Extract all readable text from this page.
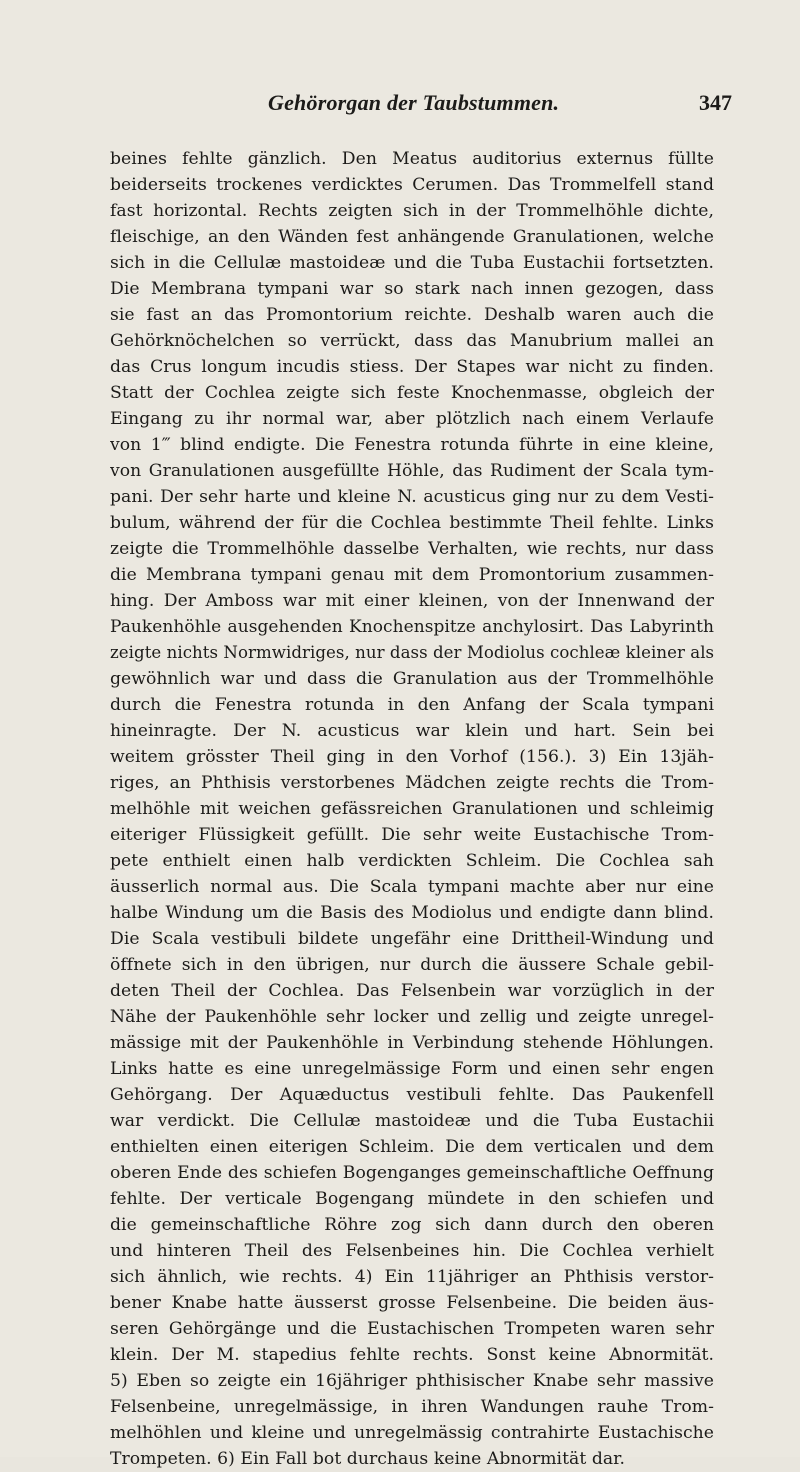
Gehörorgan der Taubstummen.	347
beines fehlte gänzlich. Den Meatus auditorius externus füllte
beiderseits trockenes verdicktes Cerumen. Das Trommelfell stand
fast horizontal. Rechts zeigten sich in der Trommelhöhle dichte,
fleischige, an den Wänden fest anhängende Granulationen, welche
sich in die Cellulæ mastoideæ und die Tuba Eustachii fortsetzten.
Die Membrana tympani war so stark nach innen gezogen, dass
sie fast an das Promontorium reichte. Deshalb waren auch die
Gehörknöchelchen so verrückt, dass das Manubrium mallei an
das Crus longum incudis stiess. Der Stapes war nicht zu finden.
Statt der Cochlea zeigte sich feste Knochenmasse, obgleich der
Eingang zu ihr normal war, aber plötzlich nach einem Verlaufe
von 1‴ blind endigte. Die Fenestra rotunda führte in eine kleine,
von Granulationen ausgefüllte Höhle, das Rudiment der Scala tym-
pani. Der sehr harte und kleine N. acusticus ging nur zu dem Vesti-
bulum, während der für die Cochlea bestimmte Theil fehlte. Links
zeigte die Trommelhöhle dasselbe Verhalten, wie rechts, nur dass
die Membrana tympani genau mit dem Promontorium zusammen-
hing. Der Amboss war mit einer kleinen, von der Innenwand der
Paukenhöhle ausgehenden Knochenspitze anchylosirt. Das Labyrinth
zeigte nichts Normwidriges, nur dass der Modiolus cochleæ kleiner als
gewöhnlich war und dass die Granulation aus der Trommelhöhle
durch die Fenestra rotunda in den Anfang der Scala tympani
hineinragte. Der N. acusticus war klein und hart. Sein bei
weitem grösster Theil ging in den Vorhof (156.). 3) Ein 13jäh-
riges, an Phthisis verstorbenes Mädchen zeigte rechts die Trom-
melhöhle mit weichen gefässreichen Granulationen und schleimig
eiteriger Flüssigkeit gefüllt. Die sehr weite Eustachische Trom-
pete enthielt einen halb verdickten Schleim. Die Cochlea sah
äusserlich normal aus. Die Scala tympani machte aber nur eine
halbe Windung um die Basis des Modiolus und endigte dann blind.
Die Scala vestibuli bildete ungefähr eine Drittheil-Windung und
öffnete sich in den übrigen, nur durch die äussere Schale gebil-
deten Theil der Cochlea. Das Felsenbein war vorzüglich in der
Nähe der Paukenhöhle sehr locker und zellig und zeigte unregel-
mässige mit der Paukenhöhle in Verbindung stehende Höhlungen.
Links hatte es eine unregelmässige Form und einen sehr engen
Gehörgang. Der Aquæductus vestibuli fehlte. Das Paukenfell
war verdickt. Die Cellulæ mastoideæ und die Tuba Eustachii
enthielten einen eiterigen Schleim. Die dem verticalen und dem
oberen Ende des schiefen Bogenganges gemeinschaftliche Oeffnung
fehlte. Der verticale Bogengang mündete in den schiefen und
die gemeinschaftliche Röhre zog sich dann durch den oberen
und hinteren Theil des Felsenbeines hin. Die Cochlea verhielt
sich ähnlich, wie rechts. 4) Ein 11jähriger an Phthisis verstor-
bener Knabe hatte äusserst grosse Felsenbeine. Die beiden äus-
seren Gehörgänge und die Eustachischen Trompeten waren sehr
klein. Der M. stapedius fehlte rechts. Sonst keine Abnormität.
5) Eben so zeigte ein 16jähriger phthisischer Knabe sehr massive
Felsenbeine, unregelmässige, in ihren Wandungen rauhe Trom-
melhöhlen und kleine und unregelmässig contrahirte Eustachische
Trompeten. 6) Ein Fall bot durchaus keine Abnormität dar.
